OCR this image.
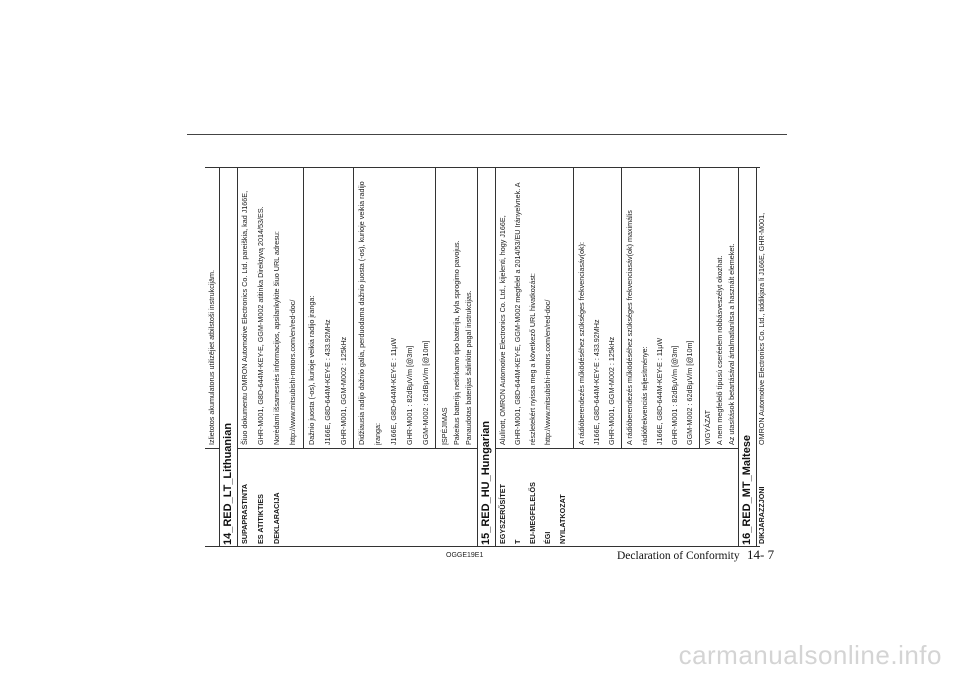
Izlietotos akumulatorus utilizējiet atbilstoši instrukcijām.
14_RED_LT_Lithuanian SUPAPRASTINTA ES ATITIKTIES DEKLARACIJA
Šiuo dokumentu OMRON Automotive Electronics Co. Ltd. pareiškia, kad J166E, GHR-M001, G8D-644M-KEY-E, GGM-M002 atitinka Direktyvą 2014/53/ES. Norėdami išsamesnės informacijos, apsilankykite šiuo URL adresu: http://www.mitsubishi-motors.com/en/red-doc/ Dažnio juosta (-os), kurioje veikia radijo įranga: J166E, G8D-644M-KEY-E : 433.92MHz GHR-M001, GGM-M002 : 125kHz Didžiausia radijo dažnio galia, perduodama dažnio juosta (-os), kurioje veikia radijo įranga: J166E, G8D-644M-KEY-E : 11μW GHR-M001 : 82dBμV/m [@3m] GGM-M002 : 62dBμV/m [@10m] ĮSPĖJIMAS Pakeitus bateriją netinkamo tipo baterija, kyla sprogimo pavojus. Panaudotas baterijas šalinkite pagal instrukcijas.
15_RED_HU_Hungarian EGYSZERŰSÍTET T EU-MEGFELELŐS ÉGI NYILATKOZAT
Alulírott, OMRON Automotive Electronics Co. Ltd., kijelenti, hogy J166E, GHR-M001, G8D-644M-KEY-E, GGM-M002 megfelel a 2014/53/EU Irányelvnek. A részletekért nyissa meg a következő URL hivatkozást: http://www.mitsubishi-motors.com/en/red-doc/	A rádióberendezés működéséhez szükséges frekvenciasáv(ok): J166E, G8D-644M-KEY-E : 433.92MHz GHR-M001, GGM-M002 : 125kHz A rádióberendezés működéséhez szükséges frekvenciasáv(ok) maximális rádiófrekvenciás teljesítménye: J166E, G8D-644M-KEY-E : 11μW GHR-M001 : 82dBμV/m [@3m] GGM-M002 : 62dBμV/m [@10m] VIGYÁZAT A nem megfelelő típusú cseréelem robbásveszélyt okozhat. Az utasítások betartásával ártalmatlanítsa a használt elemeket.
16_RED_MT_Maltese DIKJARAZZJONI
OMRON Automotive Electronics Co. Ltd., tiddikjara li J166E, GHR-M001,
OGGE19E1	Declaration of Conformity 14- 7
carmanualsonline.info
